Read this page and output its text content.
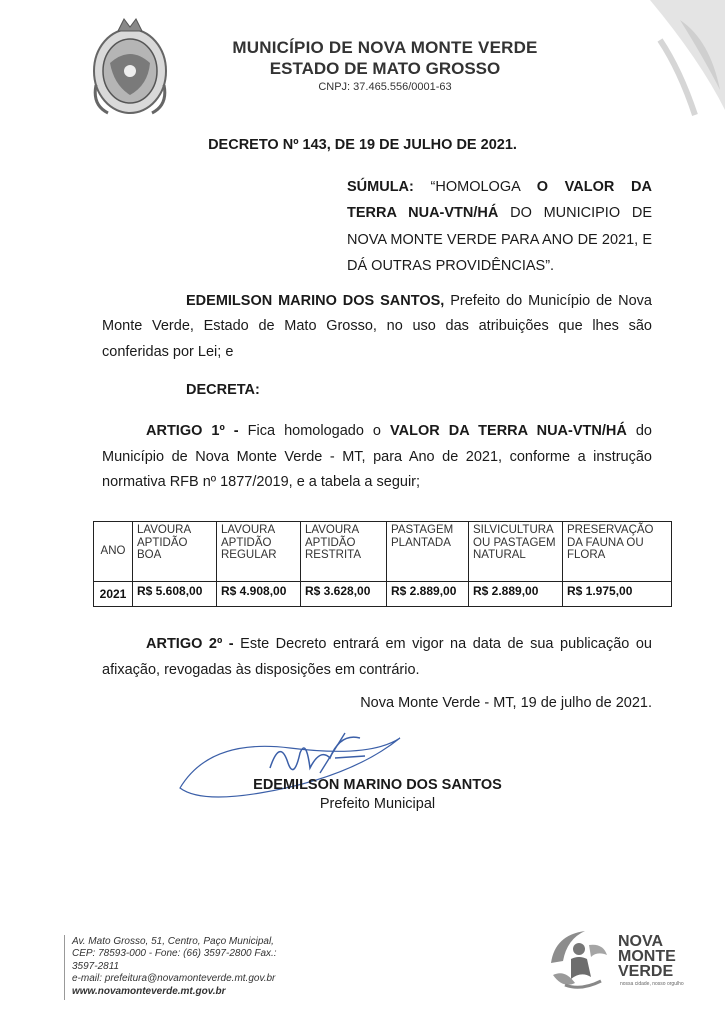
MUNICÍPIO DE NOVA MONTE VERDE
ESTADO DE MATO GROSSO
CNPJ: 37.465.556/0001-63
DECRETO Nº 143, DE 19 DE JULHO DE 2021.
SÚMULA: “HOMOLOGA O VALOR DA TERRA NUA-VTN/HÁ DO MUNICIPIO DE NOVA MONTE VERDE PARA ANO DE 2021, E DÁ OUTRAS PROVIDÊNCIAS”.
EDEMILSON MARINO DOS SANTOS, Prefeito do Município de Nova Monte Verde, Estado de Mato Grosso, no uso das atribuições que lhes são conferidas por Lei; e
DECRETA:
ARTIGO 1º - Fica homologado o VALOR DA TERRA NUA-VTN/HÁ do Município de Nova Monte Verde - MT, para Ano de 2021, conforme a instrução normativa RFB nº 1877/2019, e a tabela a seguir;
ANO	LAVOURA APTIDÃO BOA	LAVOURA APTIDÃO REGULAR	LAVOURA APTIDÃO RESTRITA	PASTAGEM PLANTADA	SILVICULTURA OU PASTAGEM NATURAL	PRESERVAÇÃO DA FAUNA OU FLORA
2021	R$ 5.608,00	R$ 4.908,00	R$ 3.628,00	R$ 2.889,00	R$ 2.889,00	R$ 1.975,00
ARTIGO 2º - Este Decreto entrará em vigor na data de sua publicação ou afixação, revogadas às disposições em contrário.
Nova Monte Verde - MT, 19 de julho de 2021.
EDEMILSON MARINO DOS SANTOS
Prefeito Municipal
Av. Mato Grosso, 51, Centro, Paço Municipal,
CEP: 78593-000 - Fone: (66) 3597-2800 Fax.:
3597-2811
e-mail: prefeitura@novamonteverde.mt.gov.br
www.novamonteverde.mt.gov.br
NOVA
MONTE
VERDE
nossa cidade, nosso orgulho
